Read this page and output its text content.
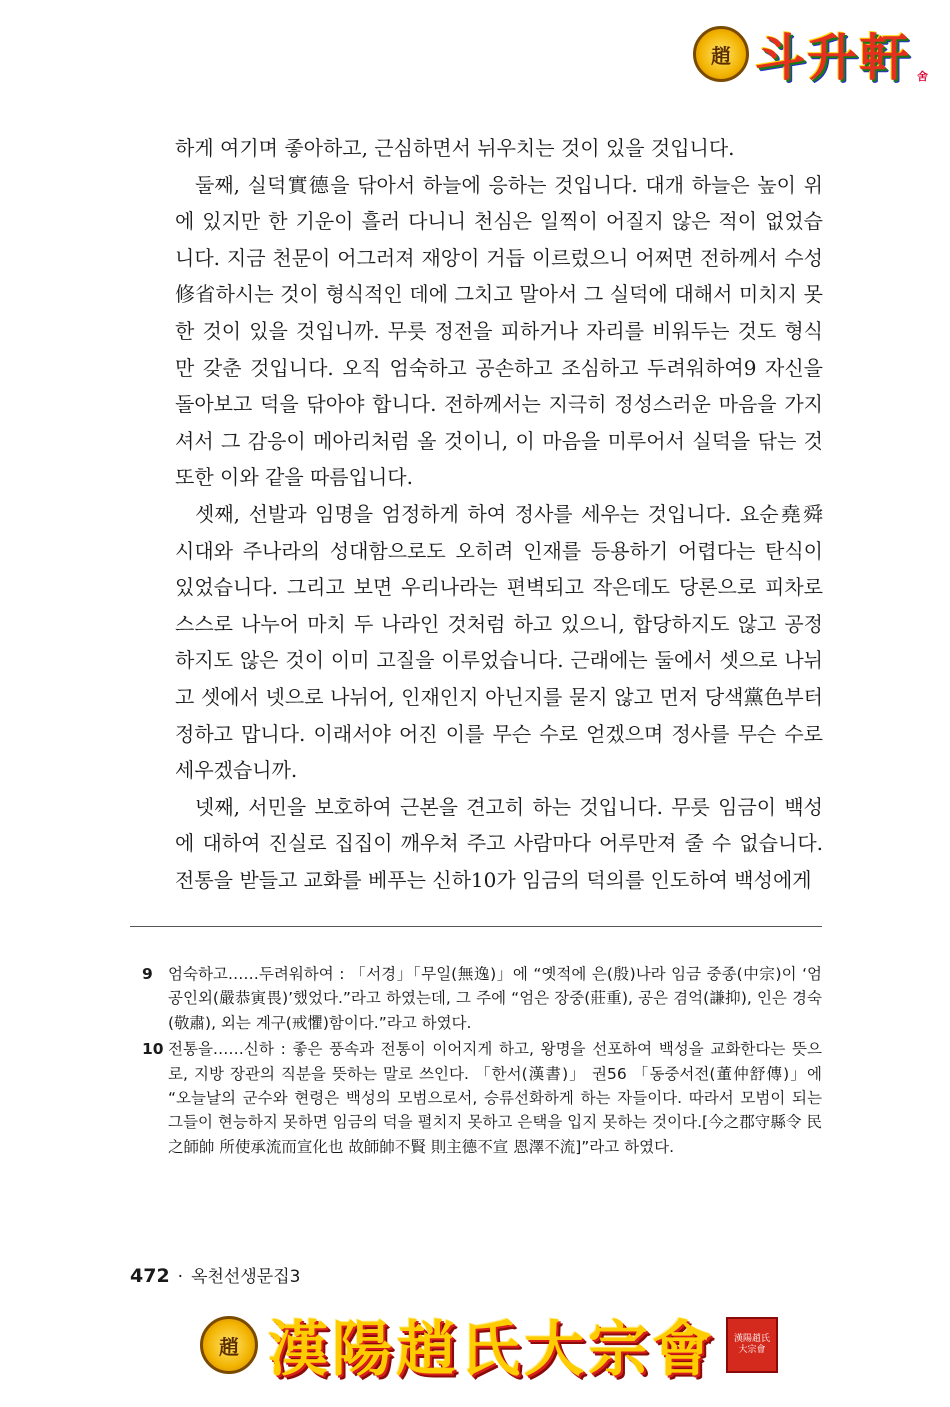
趙 斗升軒 舍

하게 여기며 좋아하고, 근심하면서 뉘우치는 것이 있을 것입니다.

둘째, 실덕實德을 닦아서 하늘에 응하는 것입니다. 대개 하늘은 높이 위에 있지만 한 기운이 흘러 다니니 천심은 일찍이 어질지 않은 적이 없었습니다. 지금 천문이 어그러져 재앙이 거듭 이르렀으니 어쩌면 전하께서 수성修省하시는 것이 형식적인 데에 그치고 말아서 그 실덕에 대해서 미치지 못한 것이 있을 것입니까. 무릇 정전을 피하거나 자리를 비워두는 것도 형식만 갖춘 것입니다. 오직 엄숙하고 공손하고 조심하고 두려워하여9 자신을 돌아보고 덕을 닦아야 합니다. 전하께서는 지극히 정성스러운 마음을 가지셔서 그 감응이 메아리처럼 올 것이니, 이 마음을 미루어서 실덕을 닦는 것 또한 이와 같을 따름입니다.

셋째, 선발과 임명을 엄정하게 하여 정사를 세우는 것입니다. 요순堯舜 시대와 주나라의 성대함으로도 오히려 인재를 등용하기 어렵다는 탄식이 있었습니다. 그리고 보면 우리나라는 편벽되고 작은데도 당론으로 피차로 스스로 나누어 마치 두 나라인 것처럼 하고 있으니, 합당하지도 않고 공정하지도 않은 것이 이미 고질을 이루었습니다. 근래에는 둘에서 셋으로 나뉘고 셋에서 넷으로 나뉘어, 인재인지 아닌지를 묻지 않고 먼저 당색黨色부터 정하고 맙니다. 이래서야 어진 이를 무슨 수로 얻겠으며 정사를 무슨 수로 세우겠습니까.

넷째, 서민을 보호하여 근본을 견고히 하는 것입니다. 무릇 임금이 백성에 대하여 진실로 집집이 깨우쳐 주고 사람마다 어루만져 줄 수 없습니다. 전통을 받들고 교화를 베푸는 신하10가 임금의 덕의를 인도하여 백성에게

9 엄숙하고……두려워하여 : 「서경」「무일(無逸)」에 “옛적에 은(殷)나라 임금 중종(中宗)이 ‘엄공인외(嚴恭寅畏)’했었다.”라고 하였는데, 그 주에 “엄은 장중(莊重), 공은 겸억(謙抑), 인은 경숙(敬肅), 외는 계구(戒懼)함이다.”라고 하였다.
10 전통을……신하 : 좋은 풍속과 전통이 이어지게 하고, 왕명을 선포하여 백성을 교화한다는 뜻으로, 지방 장관의 직분을 뜻하는 말로 쓰인다. 「한서(漢書)」 권56 「동중서전(董仲舒傳)」에 “오늘날의 군수와 현령은 백성의 모범으로서, 승류선화하게 하는 자들이다. 따라서 모범이 되는 그들이 현능하지 못하면 임금의 덕을 펼치지 못하고 은택을 입지 못하는 것이다.[今之郡守縣令 民之師帥 所使承流而宣化也 故師帥不賢 則主德不宣 恩澤不流]”라고 하였다.
472 · 옥천선생문집3
趙 漢陽趙氏大宗會	漢陽趙氏大宗會
